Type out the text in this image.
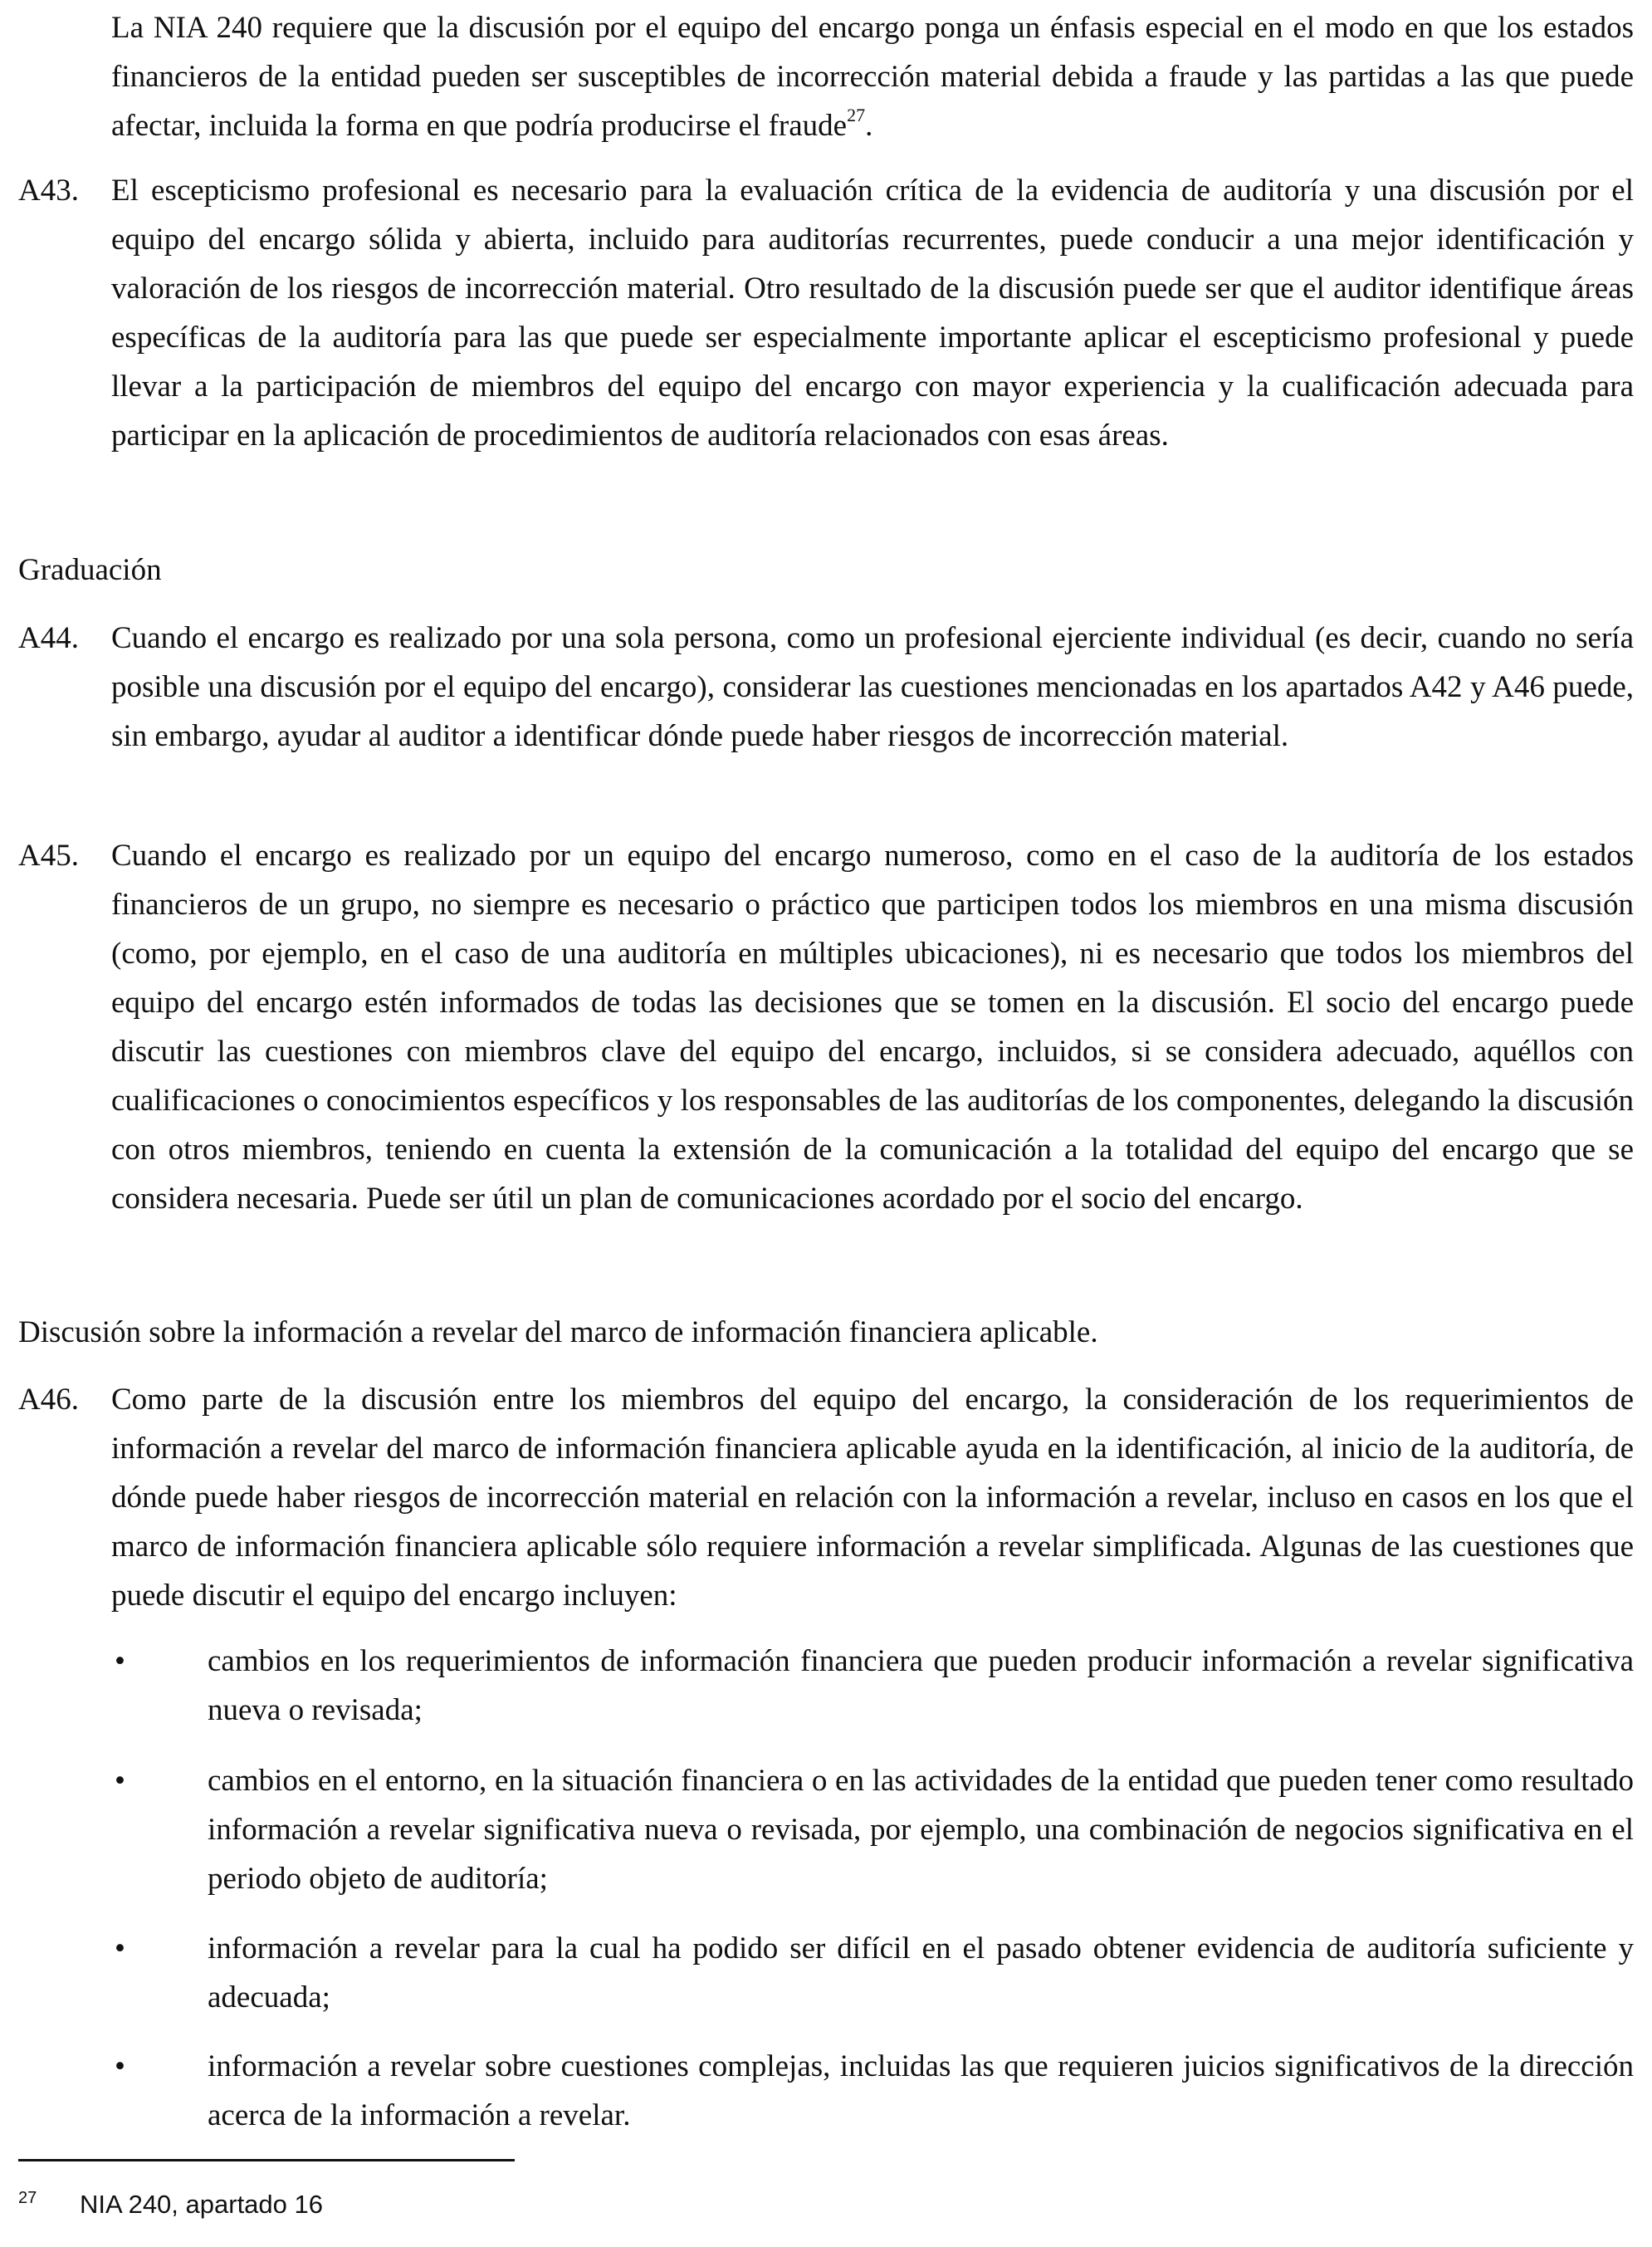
La NIA 240 requiere que la discusión por el equipo del encargo ponga un énfasis especial en el modo en que los estados financieros de la entidad pueden ser susceptibles de incorrección material debida a fraude y las partidas a las que puede afectar, incluida la forma en que podría producirse el fraude$^{27}$.
A43. El escepticismo profesional es necesario para la evaluación crítica de la evidencia de auditoría y una discusión por el equipo del encargo sólida y abierta, incluido para auditorías recurrentes, puede conducir a una mejor identificación y valoración de los riesgos de incorrección material. Otro resultado de la discusión puede ser que el auditor identifique áreas específicas de la auditoría para las que puede ser especialmente importante aplicar el escepticismo profesional y puede llevar a la participación de miembros del equipo del encargo con mayor experiencia y la cualificación adecuada para participar en la aplicación de procedimientos de auditoría relacionados con esas áreas.
Graduación
A44. Cuando el encargo es realizado por una sola persona, como un profesional ejerciente individual (es decir, cuando no sería posible una discusión por el equipo del encargo), considerar las cuestiones mencionadas en los apartados A42 y A46 puede, sin embargo, ayudar al auditor a identificar dónde puede haber riesgos de incorrección material.
A45. Cuando el encargo es realizado por un equipo del encargo numeroso, como en el caso de la auditoría de los estados financieros de un grupo, no siempre es necesario o práctico que participen todos los miembros en una misma discusión (como, por ejemplo, en el caso de una auditoría en múltiples ubicaciones), ni es necesario que todos los miembros del equipo del encargo estén informados de todas las decisiones que se tomen en la discusión. El socio del encargo puede discutir las cuestiones con miembros clave del equipo del encargo, incluidos, si se considera adecuado, aquéllos con cualificaciones o conocimientos específicos y los responsables de las auditorías de los componentes, delegando la discusión con otros miembros, teniendo en cuenta la extensión de la comunicación a la totalidad del equipo del encargo que se considera necesaria. Puede ser útil un plan de comunicaciones acordado por el socio del encargo.
Discusión sobre la información a revelar del marco de información financiera aplicable.
A46. Como parte de la discusión entre los miembros del equipo del encargo, la consideración de los requerimientos de información a revelar del marco de información financiera aplicable ayuda en la identificación, al inicio de la auditoría, de dónde puede haber riesgos de incorrección material en relación con la información a revelar, incluso en casos en los que el marco de información financiera aplicable sólo requiere información a revelar simplificada. Algunas de las cuestiones que puede discutir el equipo del encargo incluyen:
•	cambios en los requerimientos de información financiera que pueden producir información a revelar significativa nueva o revisada;
•	cambios en el entorno, en la situación financiera o en las actividades de la entidad que pueden tener como resultado información a revelar significativa nueva o revisada, por ejemplo, una combinación de negocios significativa en el periodo objeto de auditoría;
•	información a revelar para la cual ha podido ser difícil en el pasado obtener evidencia de auditoría suficiente y adecuada;
•	información a revelar sobre cuestiones complejas, incluidas las que requieren juicios significativos de la dirección acerca de la información a revelar.
27 NIA 240, apartado 16
